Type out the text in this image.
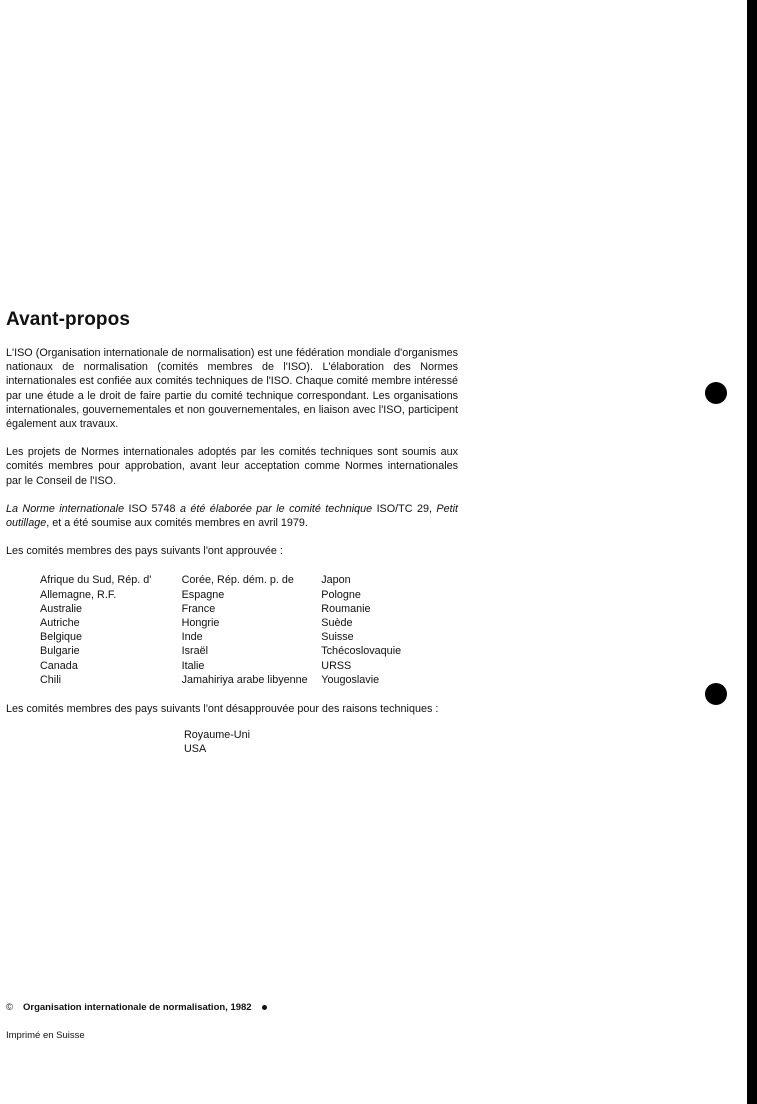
Avant-propos

L'ISO (Organisation internationale de normalisation) est une fédération mondiale d'organismes nationaux de normalisation (comités membres de l'ISO). L'élaboration des Normes internationales est confiée aux comités techniques de l'ISO. Chaque comité membre intéressé par une étude a le droit de faire partie du comité technique correspondant. Les organisations internationales, gouvernementales et non gouvernementales, en liaison avec l'ISO, participent également aux travaux.

Les projets de Normes internationales adoptés par les comités techniques sont soumis aux comités membres pour approbation, avant leur acceptation comme Normes internationales par le Conseil de l'ISO.

La Norme internationale ISO 5748 a été élaborée par le comité technique ISO/TC 29, Petit outillage, et a été soumise aux comités membres en avril 1979.

Les comités membres des pays suivants l'ont approuvée :

Afrique du Sud, Rép. d'
Allemagne, R.F.
Australie
Autriche
Belgique
Bulgarie
Canada
Chili
Corée, Rép. dém. p. de
Espagne
France
Hongrie
Inde
Israël
Italie
Jamahiriya arabe libyenne
Japon
Pologne
Roumanie
Suède
Suisse
Tchécoslovaquie
URSS
Yougoslavie

Les comités membres des pays suivants l'ont désapprouvée pour des raisons techniques :

Royaume-Uni
USA
© Organisation internationale de normalisation, 1982
Imprimé en Suisse
